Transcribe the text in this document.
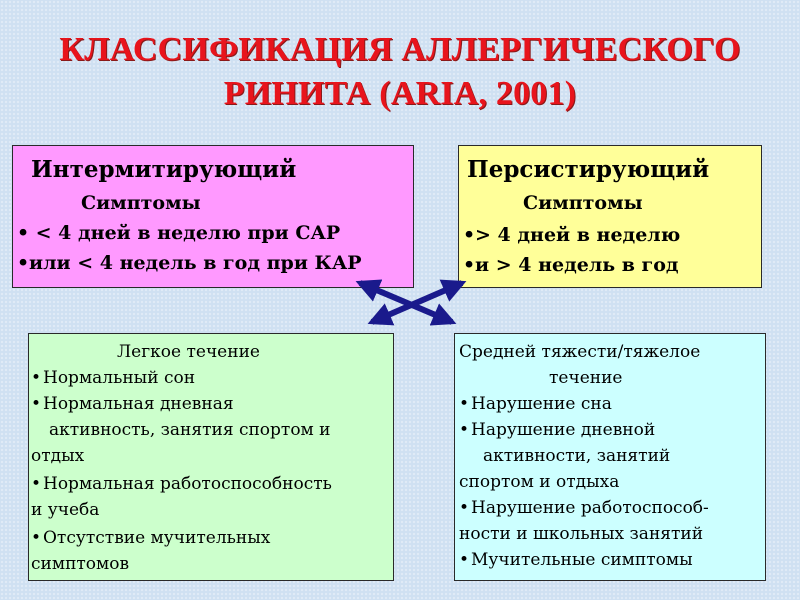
КЛАССИФИКАЦИЯ АЛЛЕРГИЧЕСКОГО
РИНИТА (ARIA, 2001)
Интермитирующий
Симптомы
• < 4 дней в неделю при САР
•или < 4 недель в год при КАР
Персистирующий
Симптомы
•> 4 дней в неделю
•и > 4 недель в год
Легкое течение
• Нормальный сон
• Нормальная дневная
активность, занятия спортом и
отдых
• Нормальная работоспособность
и учеба
• Отсутствие мучительных
симптомов
Средней тяжести/тяжелое
течение
• Нарушение сна
• Нарушение дневной
активности, занятий
спортом и отдыха
• Нарушение работоспособ-
ности и школьных занятий
• Мучительные симптомы
